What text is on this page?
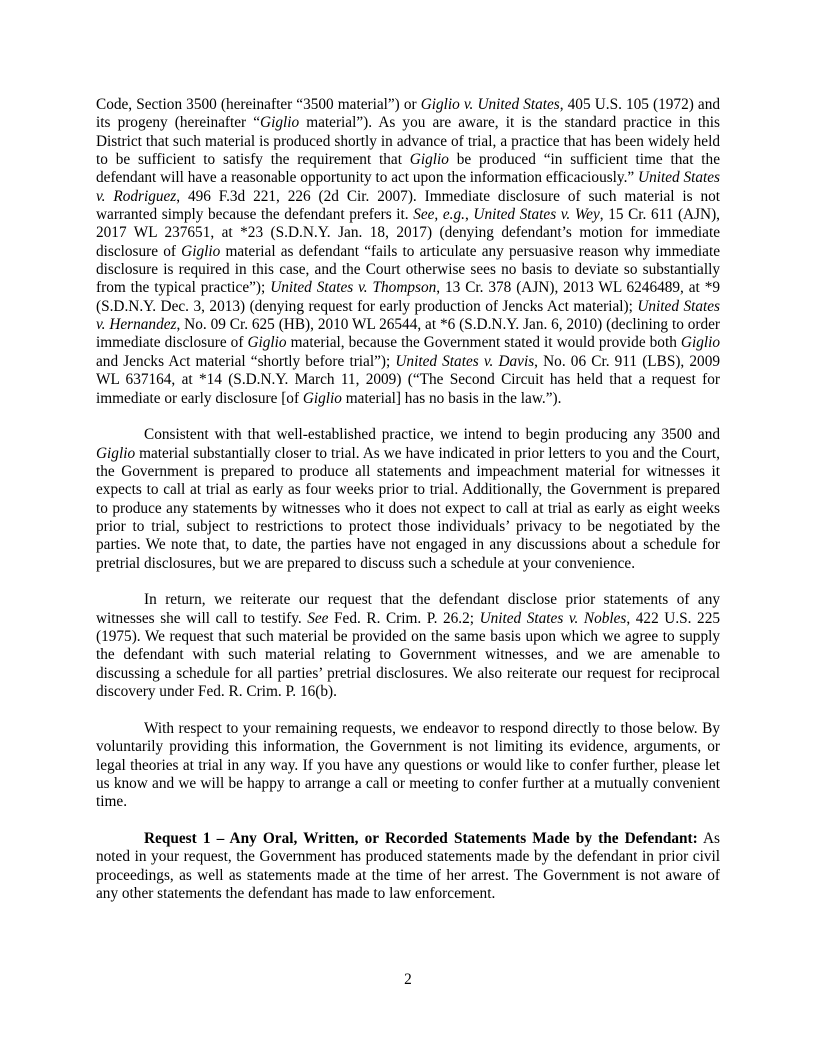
Code, Section 3500 (hereinafter “3500 material”) or Giglio v. United States, 405 U.S. 105 (1972) and its progeny (hereinafter “Giglio material”). As you are aware, it is the standard practice in this District that such material is produced shortly in advance of trial, a practice that has been widely held to be sufficient to satisfy the requirement that Giglio be produced “in sufficient time that the defendant will have a reasonable opportunity to act upon the information efficaciously.” United States v. Rodriguez, 496 F.3d 221, 226 (2d Cir. 2007). Immediate disclosure of such material is not warranted simply because the defendant prefers it. See, e.g., United States v. Wey, 15 Cr. 611 (AJN), 2017 WL 237651, at *23 (S.D.N.Y. Jan. 18, 2017) (denying defendant’s motion for immediate disclosure of Giglio material as defendant “fails to articulate any persuasive reason why immediate disclosure is required in this case, and the Court otherwise sees no basis to deviate so substantially from the typical practice”); United States v. Thompson, 13 Cr. 378 (AJN), 2013 WL 6246489, at *9 (S.D.N.Y. Dec. 3, 2013) (denying request for early production of Jencks Act material); United States v. Hernandez, No. 09 Cr. 625 (HB), 2010 WL 26544, at *6 (S.D.N.Y. Jan. 6, 2010) (declining to order immediate disclosure of Giglio material, because the Government stated it would provide both Giglio and Jencks Act material “shortly before trial”); United States v. Davis, No. 06 Cr. 911 (LBS), 2009 WL 637164, at *14 (S.D.N.Y. March 11, 2009) (“The Second Circuit has held that a request for immediate or early disclosure [of Giglio material] has no basis in the law.”).

Consistent with that well-established practice, we intend to begin producing any 3500 and Giglio material substantially closer to trial. As we have indicated in prior letters to you and the Court, the Government is prepared to produce all statements and impeachment material for witnesses it expects to call at trial as early as four weeks prior to trial. Additionally, the Government is prepared to produce any statements by witnesses who it does not expect to call at trial as early as eight weeks prior to trial, subject to restrictions to protect those individuals’ privacy to be negotiated by the parties. We note that, to date, the parties have not engaged in any discussions about a schedule for pretrial disclosures, but we are prepared to discuss such a schedule at your convenience.

In return, we reiterate our request that the defendant disclose prior statements of any witnesses she will call to testify. See Fed. R. Crim. P. 26.2; United States v. Nobles, 422 U.S. 225 (1975). We request that such material be provided on the same basis upon which we agree to supply the defendant with such material relating to Government witnesses, and we are amenable to discussing a schedule for all parties’ pretrial disclosures. We also reiterate our request for reciprocal discovery under Fed. R. Crim. P. 16(b).

With respect to your remaining requests, we endeavor to respond directly to those below. By voluntarily providing this information, the Government is not limiting its evidence, arguments, or legal theories at trial in any way. If you have any questions or would like to confer further, please let us know and we will be happy to arrange a call or meeting to confer further at a mutually convenient time.

Request 1 – Any Oral, Written, or Recorded Statements Made by the Defendant: As noted in your request, the Government has produced statements made by the defendant in prior civil proceedings, as well as statements made at the time of her arrest. The Government is not aware of any other statements the defendant has made to law enforcement.

2
